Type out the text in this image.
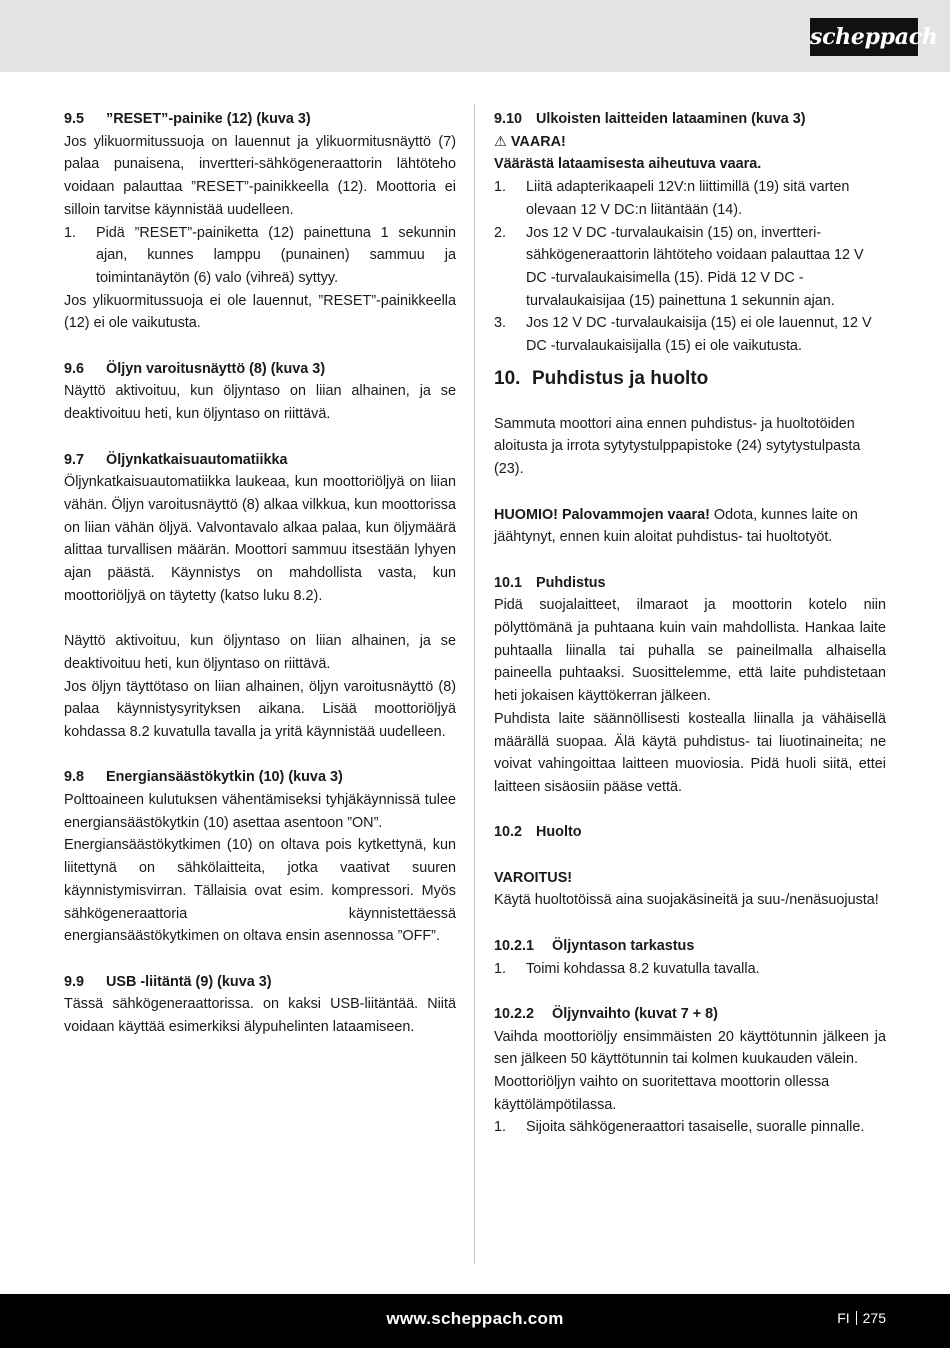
scheppach

9.5 ”RESET”-painike (12) (kuva 3)

Jos ylikuormitussuoja on lauennut ja ylikuormitusnäyttö (7) palaa punaisena, invertteri-sähkögeneraattorin lähtöteho voidaan palauttaa ”RESET”-painikkeella (12). Moottoria ei silloin tarvitse käynnistää uudelleen.

1. Pidä ”RESET”-painiketta (12) painettuna 1 sekunnin ajan, kunnes lamppu (punainen) sammuu ja toimintanäytön (6) valo (vihreä) syttyy.

Jos ylikuormitussuoja ei ole lauennut, ”RESET”-painikkeella (12) ei ole vaikutusta.

9.6 Öljyn varoitusnäyttö (8) (kuva 3)

Näyttö aktivoituu, kun öljyntaso on liian alhainen, ja se deaktivoituu heti, kun öljyntaso on riittävä.

9.7 Öljynkatkaisuautomatiikka

Öljynkatkaisuautomatiikka laukeaa, kun moottoriöljyä on liian vähän. Öljyn varoitusnäyttö (8) alkaa vilkkua, kun moottorissa on liian vähän öljyä. Valvontavalo alkaa palaa, kun öljymäärä alittaa turvallisen määrän. Moottori sammuu itsestään lyhyen ajan päästä. Käynnistys on mahdollista vasta, kun moottoriöljyä on täytetty (katso luku 8.2).

Näyttö aktivoituu, kun öljyntaso on liian alhainen, ja se deaktivoituu heti, kun öljyntaso on riittävä.

Jos öljyn täyttötaso on liian alhainen, öljyn varoitusnäyttö (8) palaa käynnistysyrityksen aikana. Lisää moottoriöljyä kohdassa 8.2 kuvatulla tavalla ja yritä käynnistää uudelleen.

9.8 Energiansäästökytkin (10) (kuva 3)

Polttoaineen kulutuksen vähentämiseksi tyhjäkäynnissä tulee energiansäästökytkin (10) asettaa asentoon ”ON”.

Energiansäästökytkimen (10) on oltava pois kytkettynä, kun liitettynä on sähkölaitteita, jotka vaativat suuren käynnistymisvirran. Tällaisia ovat esim. kompressori. Myös sähkögeneraattoria käynnistettäessä energiansäästökytkimen on oltava ensin asennossa ”OFF”.

9.9 USB -liitäntä (9) (kuva 3)

Tässä sähkögeneraattorissa. on kaksi USB-liitäntää. Niitä voidaan käyttää esimerkiksi älypuhelinten lataamiseen.

9.10 Ulkoisten laitteiden lataaminen (kuva 3)

⚠ VAARA!

Väärästä lataamisesta aiheutuva vaara.

1. Liitä adapterikaapeli 12V:n liittimillä (19) sitä varten olevaan 12 V DC:n liitäntään (14).
2. Jos 12 V DC -turvalaukaisin (15) on, invertteri-sähkögeneraattorin lähtöteho voidaan palauttaa 12 V DC -turvalaukaisimella (15). Pidä 12 V DC -turvalaukaisijaa (15) painettuna 1 sekunnin ajan.
3. Jos 12 V DC -turvalaukaisija (15) ei ole lauennut, 12 V DC -turvalaukaisijalla (15) ei ole vaikutusta.

10. Puhdistus ja huolto

Sammuta moottori aina ennen puhdistus- ja huoltotöiden aloitusta ja irrota sytytystulppapistoke (24) sytytystulpasta (23).

HUOMIO! Palovammojen vaara! Odota, kunnes laite on jäähtynyt, ennen kuin aloitat puhdistus- tai huoltotyöt.

10.1 Puhdistus

Pidä suojalaitteet, ilmaraot ja moottorin kotelo niin pölyttömänä ja puhtaana kuin vain mahdollista. Hankaa laite puhtaalla liinalla tai puhalla se paineilmalla alhaisella paineella puhtaaksi. Suosittelemme, että laite puhdistetaan heti jokaisen käyttökerran jälkeen.

Puhdista laite säännöllisesti kostealla liinalla ja vähäisellä määrällä suopaa. Älä käytä puhdistus- tai liuotinaineita; ne voivat vahingoittaa laitteen muoviosia. Pidä huoli siitä, ettei laitteen sisäosiin pääse vettä.

10.2 Huolto

VAROITUS!

Käytä huoltotöissä aina suojakäsineitä ja suu-/nenäsuojusta!

10.2.1 Öljyntason tarkastus

1. Toimi kohdassa 8.2 kuvatulla tavalla.

10.2.2 Öljynvaihto (kuvat 7 + 8)

Vaihda moottoriöljy ensimmäisten 20 käyttötunnin jälkeen ja sen jälkeen 50 käyttötunnin tai kolmen kuukauden välein.

Moottoriöljyn vaihto on suoritettava moottorin ollessa käyttölämpötilassa.

1. Sijoita sähkögeneraattori tasaiselle, suoralle pinnalle.
www.scheppach.com	FI 275
